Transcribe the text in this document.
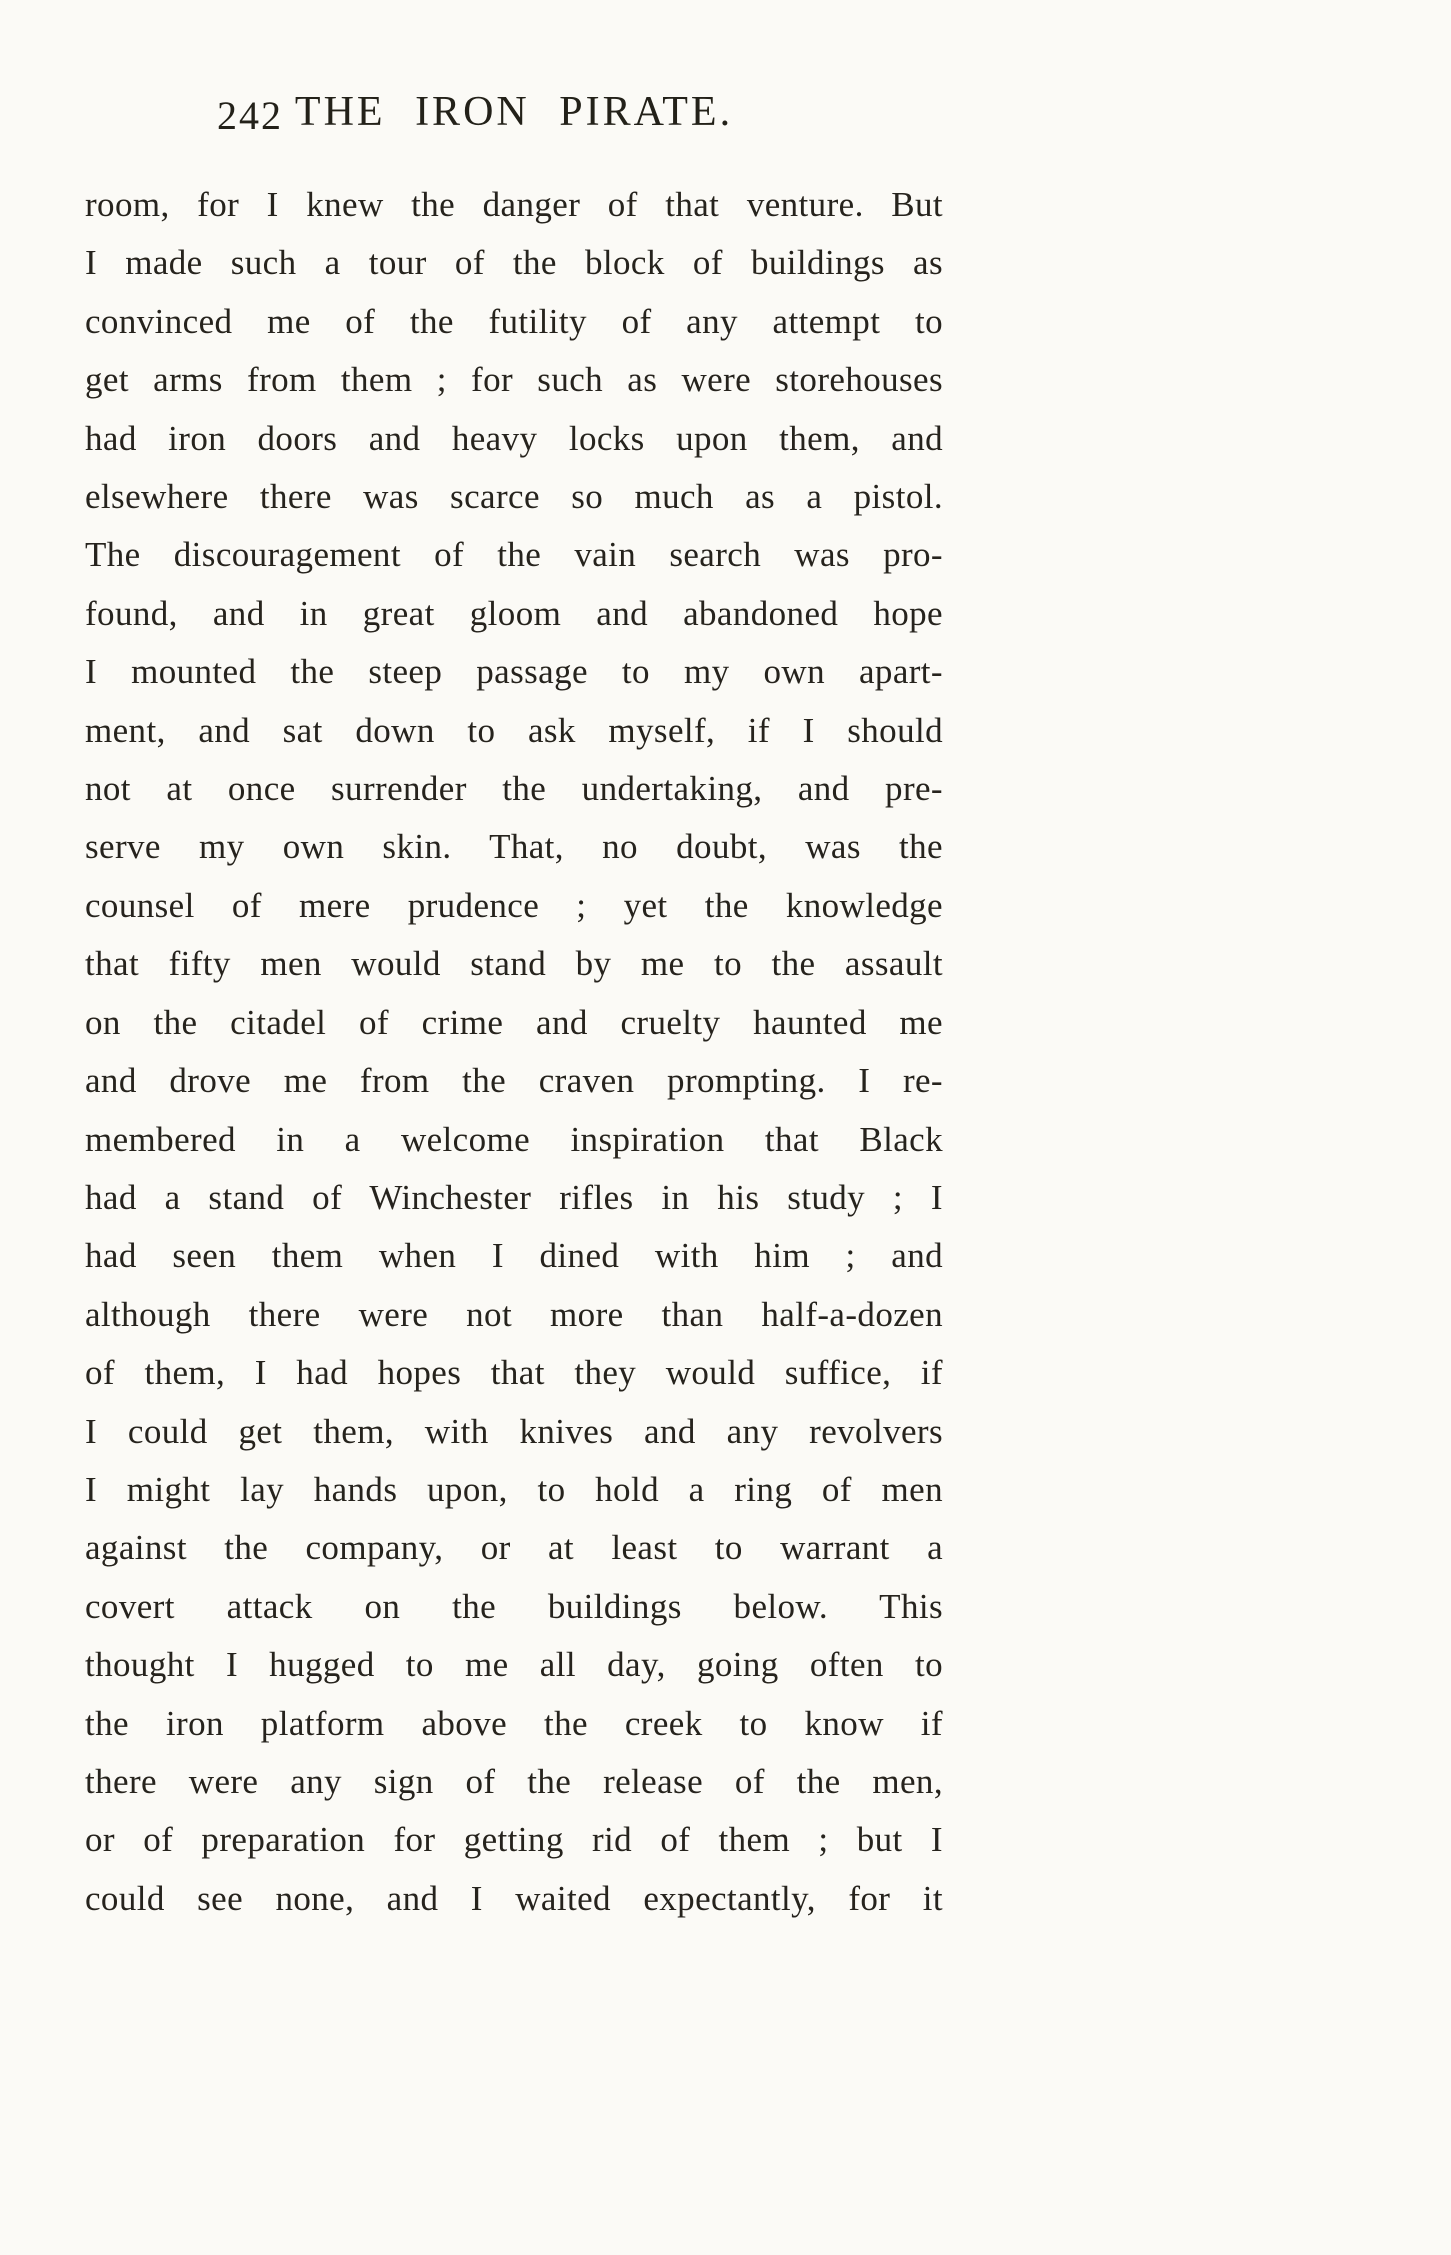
242 THE IRON PIRATE.
room, for I knew the danger of that venture. But
I made such a tour of the block of buildings as
convinced me of the futility of any attempt to
get arms from them ; for such as were storehouses
had iron doors and heavy locks upon them, and
elsewhere there was scarce so much as a pistol.
The discouragement of the vain search was pro-
found, and in great gloom and abandoned hope
I mounted the steep passage to my own apart-
ment, and sat down to ask myself, if I should
not at once surrender the undertaking, and pre-
serve my own skin. That, no doubt, was the
counsel of mere prudence ; yet the knowledge
that fifty men would stand by me to the assault
on the citadel of crime and cruelty haunted me
and drove me from the craven prompting. I re-
membered in a welcome inspiration that Black
had a stand of Winchester rifles in his study ; I
had seen them when I dined with him ; and
although there were not more than half-a-dozen
of them, I had hopes that they would suffice, if
I could get them, with knives and any revolvers
I might lay hands upon, to hold a ring of men
against the company, or at least to warrant a
covert attack on the buildings below. This
thought I hugged to me all day, going often to
the iron platform above the creek to know if
there were any sign of the release of the men,
or of preparation for getting rid of them ; but I
could see none, and I waited expectantly, for it
